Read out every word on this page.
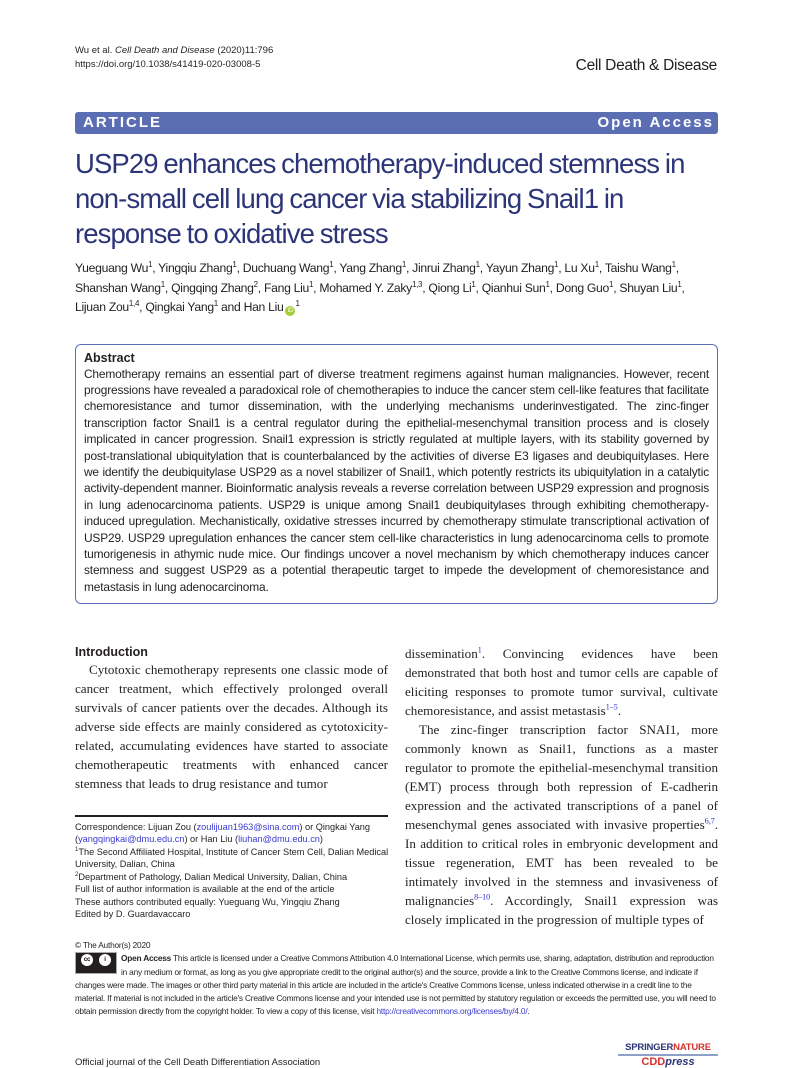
Wu et al. Cell Death and Disease (2020)11:796
https://doi.org/10.1038/s41419-020-03008-5	Cell Death & Disease
ARTICLE	Open Access
USP29 enhances chemotherapy-induced stemness in non-small cell lung cancer via stabilizing Snail1 in response to oxidative stress
Yueguang Wu$^1$, Yingqiu Zhang$^1$, Duchuang Wang$^1$, Yang Zhang$^1$, Jinrui Zhang$^1$, Yayun Zhang$^1$, Lu Xu$^1$, Taishu Wang$^1$, Shanshan Wang$^1$, Qingqing Zhang$^2$, Fang Liu$^1$, Mohamed Y. Zaky$^{1,3}$, Qiong Li$^1$, Qianhui Sun$^1$, Dong Guo$^1$, Shuyan Liu$^1$, Lijuan Zou$^{1,4}$, Qingkai Yang$^1$ and Han Liu $iD^1$
Abstract

Chemotherapy remains an essential part of diverse treatment regimens against human malignancies. However, recent progressions have revealed a paradoxical role of chemotherapies to induce the cancer stem cell-like features that facilitate chemoresistance and tumor dissemination, with the underlying mechanisms underinvestigated. The zinc-finger transcription factor Snail1 is a central regulator during the epithelial-mesenchymal transition process and is closely implicated in cancer progression. Snail1 expression is strictly regulated at multiple layers, with its stability governed by post-translational ubiquitylation that is counterbalanced by the activities of diverse E3 ligases and deubiquitylases. Here we identify the deubiquitylase USP29 as a novel stabilizer of Snail1, which potently restricts its ubiquitylation in a catalytic activity-dependent manner. Bioinformatic analysis reveals a reverse correlation between USP29 expression and prognosis in lung adenocarcinoma patients. USP29 is unique among Snail1 deubiquitylases through exhibiting chemotherapy-induced upregulation. Mechanistically, oxidative stresses incurred by chemotherapy stimulate transcriptional activation of USP29. USP29 upregulation enhances the cancer stem cell-like characteristics in lung adenocarcinoma cells to promote tumorigenesis in athymic nude mice. Our findings uncover a novel mechanism by which chemotherapy induces cancer stemness and suggest USP29 as a potential therapeutic target to impede the development of chemoresistance and metastasis in lung adenocarcinoma.

Introduction

Cytotoxic chemotherapy represents one classic mode of cancer treatment, which effectively prolonged overall survivals of cancer patients over the decades. Although its adverse side effects are mainly considered as cytotoxicity-related, accumulating evidences have started to associate chemotherapeutic treatments with enhanced cancer stemness that leads to drug resistance and tumor

Correspondence: Lijuan Zou (zoulijuan1963@sina.com) or Qingkai Yang (yangqingkai@dmu.edu.cn) or Han Liu (liuhan@dmu.edu.cn)
$^1$The Second Affiliated Hospital, Institute of Cancer Stem Cell, Dalian Medical University, Dalian, China
$^2$Department of Pathology, Dalian Medical University, Dalian, China
Full list of author information is available at the end of the article
These authors contributed equally: Yueguang Wu, Yingqiu Zhang
Edited by D. Guardavaccaro

dissemination$^1$. Convincing evidences have been demonstrated that both host and tumor cells are capable of eliciting responses to promote tumor survival, cultivate chemoresistance, and assist metastasis$^{1-5}$.

The zinc-finger transcription factor SNAI1, more commonly known as Snail1, functions as a master regulator to promote the epithelial-mesenchymal transition (EMT) process through both repression of E-cadherin expression and the activated transcriptions of a panel of mesenchymal genes associated with invasive properties$^{6,7}$. In addition to critical roles in embryonic development and tissue regeneration, EMT has been revealed to be intimately involved in the stemness and invasiveness of malignancies$^{8-10}$. Accordingly, Snail1 expression was closely implicated in the progression of multiple types of

© The Author(s) 2020
cc	i	Open Access This article is licensed under a Creative Commons Attribution 4.0 International License, which permits use, sharing, adaptation, distribution and reproduction in any medium or format, as long as you give appropriate credit to the original author(s) and the source, provide a link to the Creative Commons license, and indicate if changes were made. The images or other third party material in this article are included in the article's Creative Commons license, unless indicated otherwise in a credit line to the material. If material is not included in the article's Creative Commons license and your intended use is not permitted by statutory regulation or exceeds the permitted use, you will need to obtain permission directly from the copyright holder. To view a copy of this license, visit http://creativecommons.org/licenses/by/4.0/.
Official journal of the Cell Death Differentiation Association
SPRINGERNATURE
CDDpress
